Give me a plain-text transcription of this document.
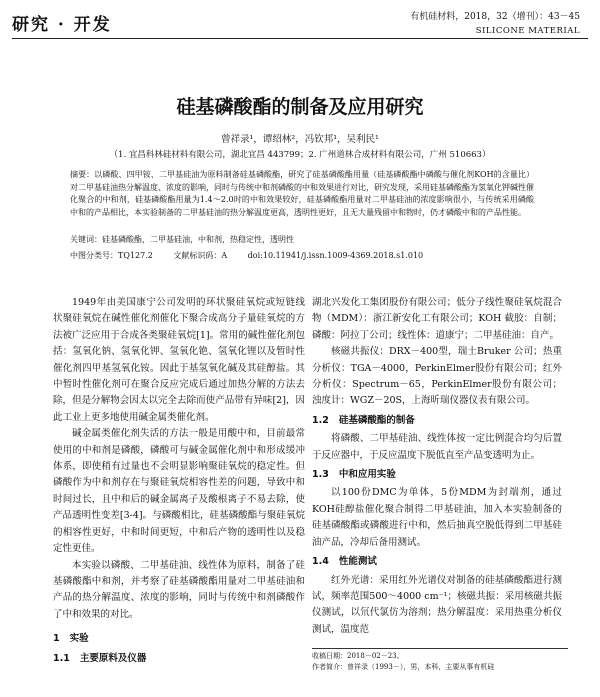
研究 · 开发	有机硅材料，2018，32（增刊）：43－45
SILICONE MATERIAL
硅基磷酸酯的制备及应用研究
曾祥录¹，谭绍林²，冯钦邦¹，吴利民¹
（1. 宜昌科林硅材料有限公司，湖北宜昌 443799；2. 广州道林合成材料有限公司，广州 510663）
摘要：以磷酸、四甲铵、二甲基硅油为原料制备硅基磷酸酯，研究了硅基磷酸酯用量（硅基磷酸酯中磷酸与催化剂KOH的含量比）对二甲基硅油热分解温度、浓度的影响，同时与传统中和剂磷酸的中和效果进行对比，研究发现，采用硅基磷酸酯为氢氧化钾碱性催化聚合的中和剂，硅基磷酸酯用量为1.4～2.0时的中和效果较好，硅基磷酸酯用量对二甲基硅油的浓度影响很小，与传统采用磷酸中和的产品相比，本实验制备的二甲基硅油的热分解温度更高，透明性更好，且无大量残留中和物时，仍才磷酸中和的产品性能。
关键词：硅基磷酸酯，二甲基硅油，中和剂，热稳定性，透明性
中图分类号：TQ127.2	文献标识码：A	doi:10.11941/j.issn.1009-4369.2018.s1.010

1949年由美国康宁公司发明的环状聚硅氧烷或短链线状聚硅氧烷在碱性催化剂催化下聚合成高分子量硅氧烷的方法被广泛应用于合成各类聚硅氧烷[1]。常用的碱性催化剂包括：氢氧化钠、氢氧化钾、氢氧化铯、氢氧化锂以及暂时性催化剂四甲基氢氧化铵。因此于基氢氧化碱及其硅醇盐。其中暂时性催化剂可在聚合反应完成后通过加热分解的方法去除，但是分解物会因太以完全去除而使产品带有异味[2]，因此工业上更多地使用碱金属类催化剂。

碱金属类催化剂失活的方法一般是用酸中和，目前最常使用的中和剂是磷酸，磷酸可与碱金属催化剂中和形成缓冲体系，即使稍有过量也不会明显影响聚硅氧烷的稳定性。但磷酸作为中和剂存在与聚硅氧烷相容性差的问题，导致中和时间过长，且中和后的碱金属离子及酸根离子不易去除，使产品透明性变差[3-4]。与磷酸相比，硅基磷酸酯与聚硅氧烷的相容性更好，中和时间更短，中和后产物的透明性以及稳定性更佳。

本实验以磷酸、二甲基硅油、线性体为原料，制备了硅基磷酸酯中和剂，并考察了硅基磷酸酯用量对二甲基硅油和产品的热分解温度、浓度的影响，同时与传统中和剂磷酸作了中和效果的对比。

1 实验
1.1 主要原料及仪器

湖北兴发化工集团股份有限公司；低分子线性聚硅氧烷混合物（MDM）：浙江新安化工有限公司；KOH 截胶：自制；磷酸：阿拉丁公司；线性体：道康宁；二甲基硅油：自产。

核磁共振仪：DRX－400型，瑞士Bruker 公司；热重分析仪：TGA－4000，PerkinElmer股份有限公司；红外分析仪：Spectrum－65，PerkinElmer股份有限公司；浊度计：WGZ－20S，上海昕瑞仪器仪表有限公司。

1.2 硅基磷酸酯的制备

将磷酸、二甲基硅油、线性体按一定比例混合均匀后置于反应器中，于反应温度下脱低直至产品变透明为止。

1.3 中和应用实验

以100份DMC为单体，5份MDM为封端剂，通过KOH硅醇盐催化聚合制得二甲基硅油，加入本实验制备的硅基磷酸酯或磷酸进行中和，然后抽真空脱低得到二甲基硅油产品，冷却后备用测试。

1.4 性能测试

红外光谱：采用红外光谱仪对制备的硅基磷酸酯进行测试，频率范围500～4000 cm⁻¹；核磁共振：采用核磁共振仪测试，以氘代氯仿为溶剂；热分解温度：采用热重分析仪测试，温度范

收稿日期：2018－02－23。
作者简介：曾祥录（1993－），男，本科，主要从事有机硅
